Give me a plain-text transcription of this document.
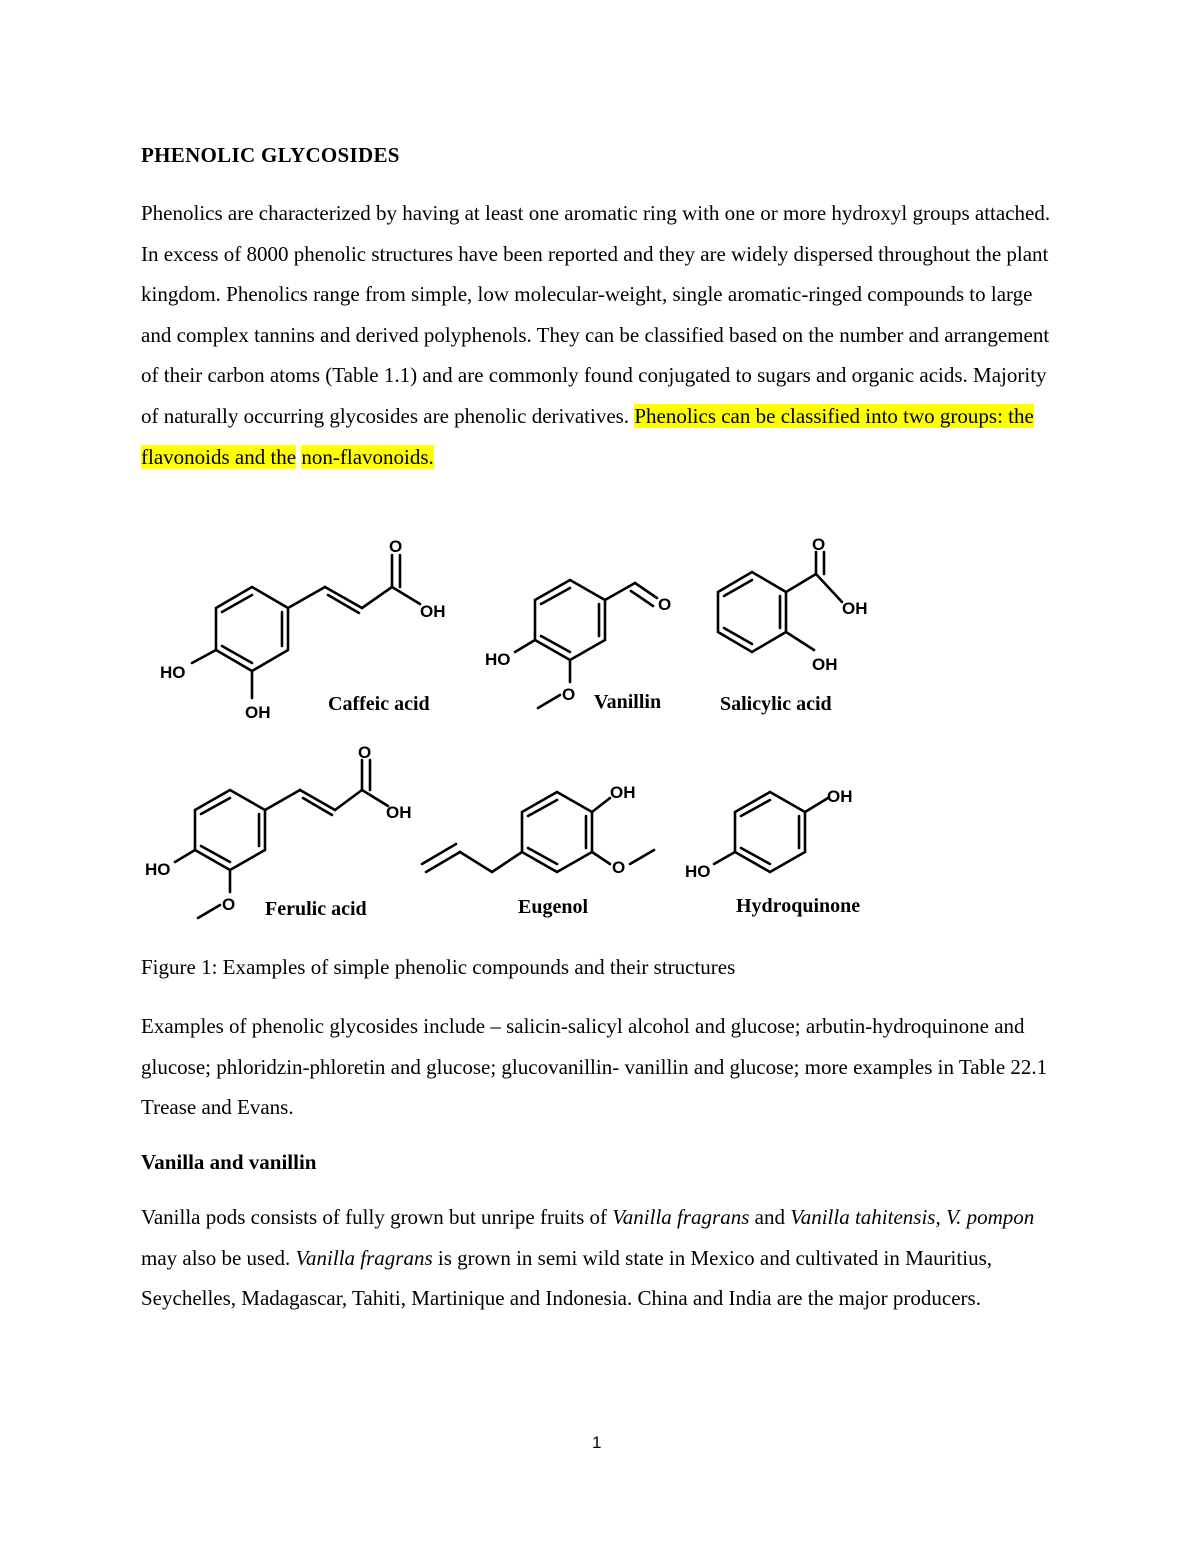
PHENOLIC GLYCOSIDES

Phenolics are characterized by having at least one aromatic ring with one or more hydroxyl groups attached. In excess of 8000 phenolic structures have been reported and they are widely dispersed throughout the plant kingdom. Phenolics range from simple, low molecular-weight, single aromatic-ringed compounds to large and complex tannins and derived polyphenols. They can be classified based on the number and arrangement of their carbon atoms (Table 1.1) and are commonly found conjugated to sugars and organic acids. Majority of naturally occurring glycosides are phenolic derivatives. Phenolics can be classified into two groups: the flavonoids and the non-flavonoids.

O
OH
HO
OH	Caffeic acid
O
HO
O Vanillin
O
OH
OH
Salicylic acid
O
OH
HO
O Ferulic acid
OH
O
Eugenol
OH
HO
Hydroquinone
Figure 1: Examples of simple phenolic compounds and their structures

Examples of phenolic glycosides include – salicin-salicyl alcohol and glucose; arbutin-hydroquinone and glucose; phloridzin-phloretin and glucose; glucovanillin- vanillin and glucose; more examples in Table 22.1 Trease and Evans.

Vanilla and vanillin

Vanilla pods consists of fully grown but unripe fruits of Vanilla fragrans and Vanilla tahitensis, V. pompon may also be used. Vanilla fragrans is grown in semi wild state in Mexico and cultivated in Mauritius, Seychelles, Madagascar, Tahiti, Martinique and Indonesia. China and India are the major producers.

1
